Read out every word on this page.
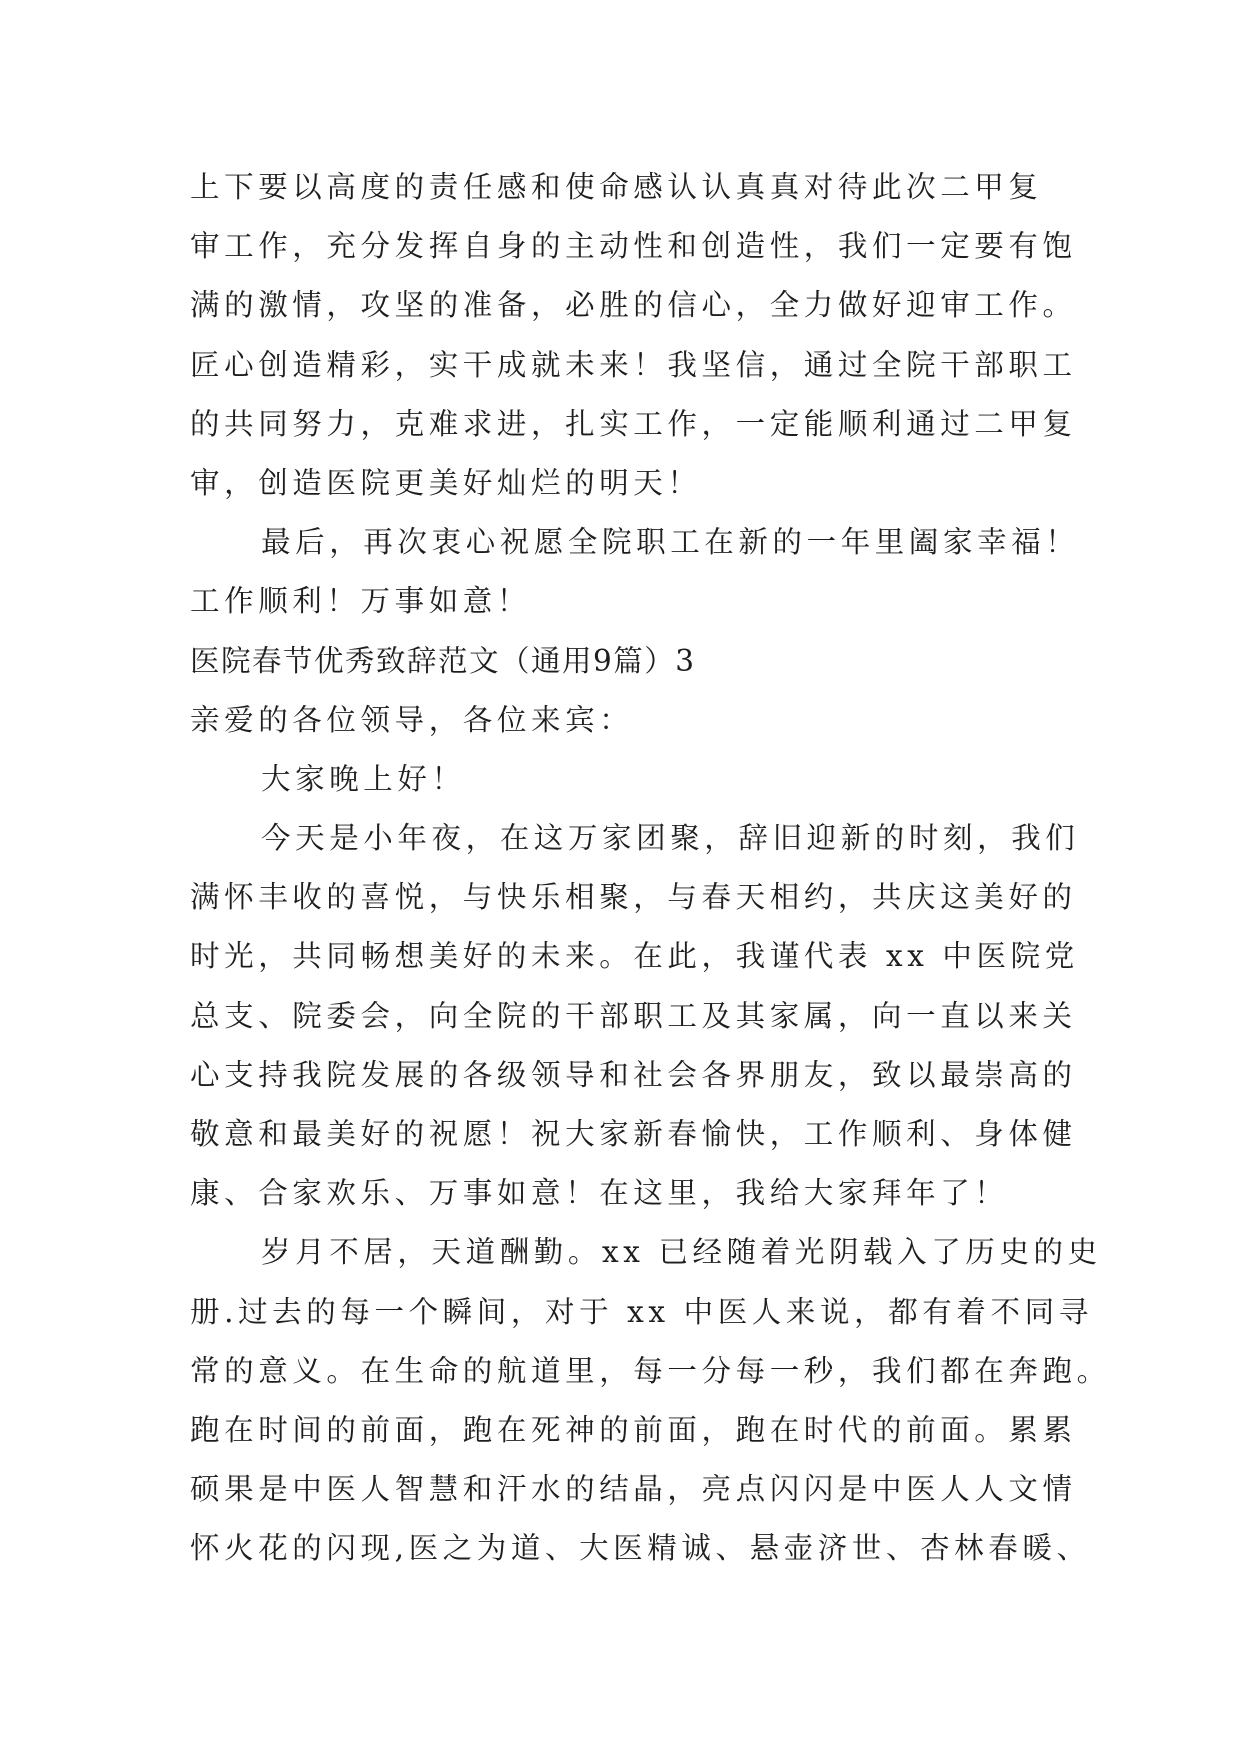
上下要以高度的责任感和使命感认认真真对待此次二甲复
审工作，充分发挥自身的主动性和创造性，我们一定要有饱
满的激情，攻坚的准备，必胜的信心，全力做好迎审工作。
匠心创造精彩，实干成就未来！我坚信，通过全院干部职工
的共同努力，克难求进，扎实工作，一定能顺利通过二甲复
审，创造医院更美好灿烂的明天！
最后，再次衷心祝愿全院职工在新的一年里阖家幸福！
工作顺利！万事如意！
医院春节优秀致辞范文（通用9篇）3
亲爱的各位领导，各位来宾：
大家晚上好！
今天是小年夜，在这万家团聚，辞旧迎新的时刻，我们
满怀丰收的喜悦，与快乐相聚，与春天相约，共庆这美好的
时光，共同畅想美好的未来。在此，我谨代表 xx 中医院党
总支、院委会，向全院的干部职工及其家属，向一直以来关
心支持我院发展的各级领导和社会各界朋友，致以最崇高的
敬意和最美好的祝愿！祝大家新春愉快，工作顺利、身体健
康、合家欢乐、万事如意！在这里，我给大家拜年了！
岁月不居，天道酬勤。xx 已经随着光阴载入了历史的史
册.过去的每一个瞬间，对于 xx 中医人来说，都有着不同寻
常的意义。在生命的航道里，每一分每一秒，我们都在奔跑。
跑在时间的前面，跑在死神的前面，跑在时代的前面。累累
硕果是中医人智慧和汗水的结晶，亮点闪闪是中医人人文情
怀火花的闪现,医之为道、大医精诚、悬壶济世、杏林春暖、
